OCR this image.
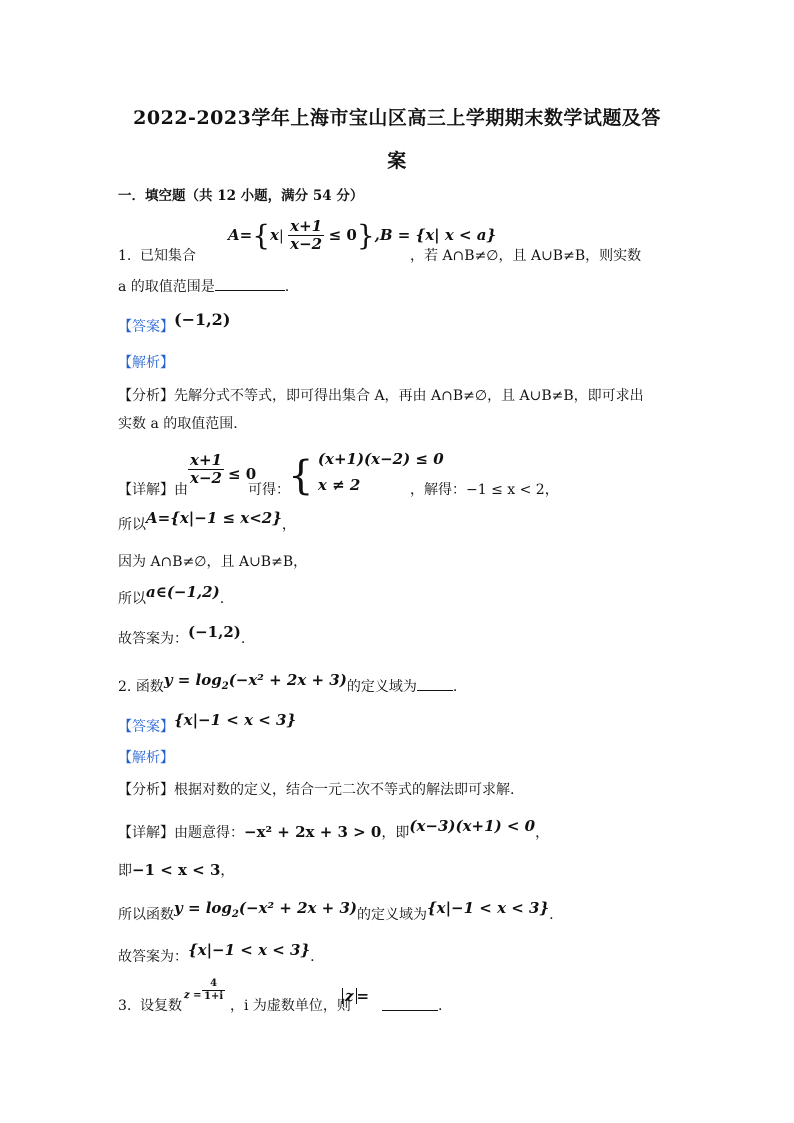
2022-2023学年上海市宝山区高三上学期期末数学试题及答
案
一．填空题（共 12 小题，满分 54 分）
1. 已知集合
$A=\{x| \frac{x+1}{x-2} \le 0\},B = \{x|$ x < a}
，若 A∩B≠∅，且 A∪B≠B，则实数
a 的取值范围是	.
【答案】(−1,2)
【解析】
【分析】先解分式不等式，即可得出集合 A，再由 A∩B≠∅，且 A∪B≠B，即可求出
实数 a 的取值范围.
【详解】 由
$\frac{x+1}{x-2} \le 0$
可得：
{ (x+1)(x−2) ≤ 0
x ≠ 2	，解得：−1 ≤ x < 2，
所以A={x|−1 ≤ x<2}，
因为 A∩B≠∅，且 A∪B≠B，
所以a∈(−1,2).
故答案为：(−1,2).
2. 函数$y = \log_2(-x^2 + 2x + 3)$的定义域为	.
【答案】{x|−1 < x < 3}
【解析】
【分析】根据对数的定义，结合一元二次不等式的解法即可求解.
【详解】由题意得：−x² + 2x + 3 > 0，即(x−3)(x+1) < 0，
即−1 < x < 3，
所以函数$y = \log_2(-x^2 + 2x + 3)$的定义域为{x|−1 < x < 3}.
故答案为：{x|−1 < x < 3}.
3. 设复数
$z = \frac{4}{1+i}$
，i 为虚数单位，则
z =
.
